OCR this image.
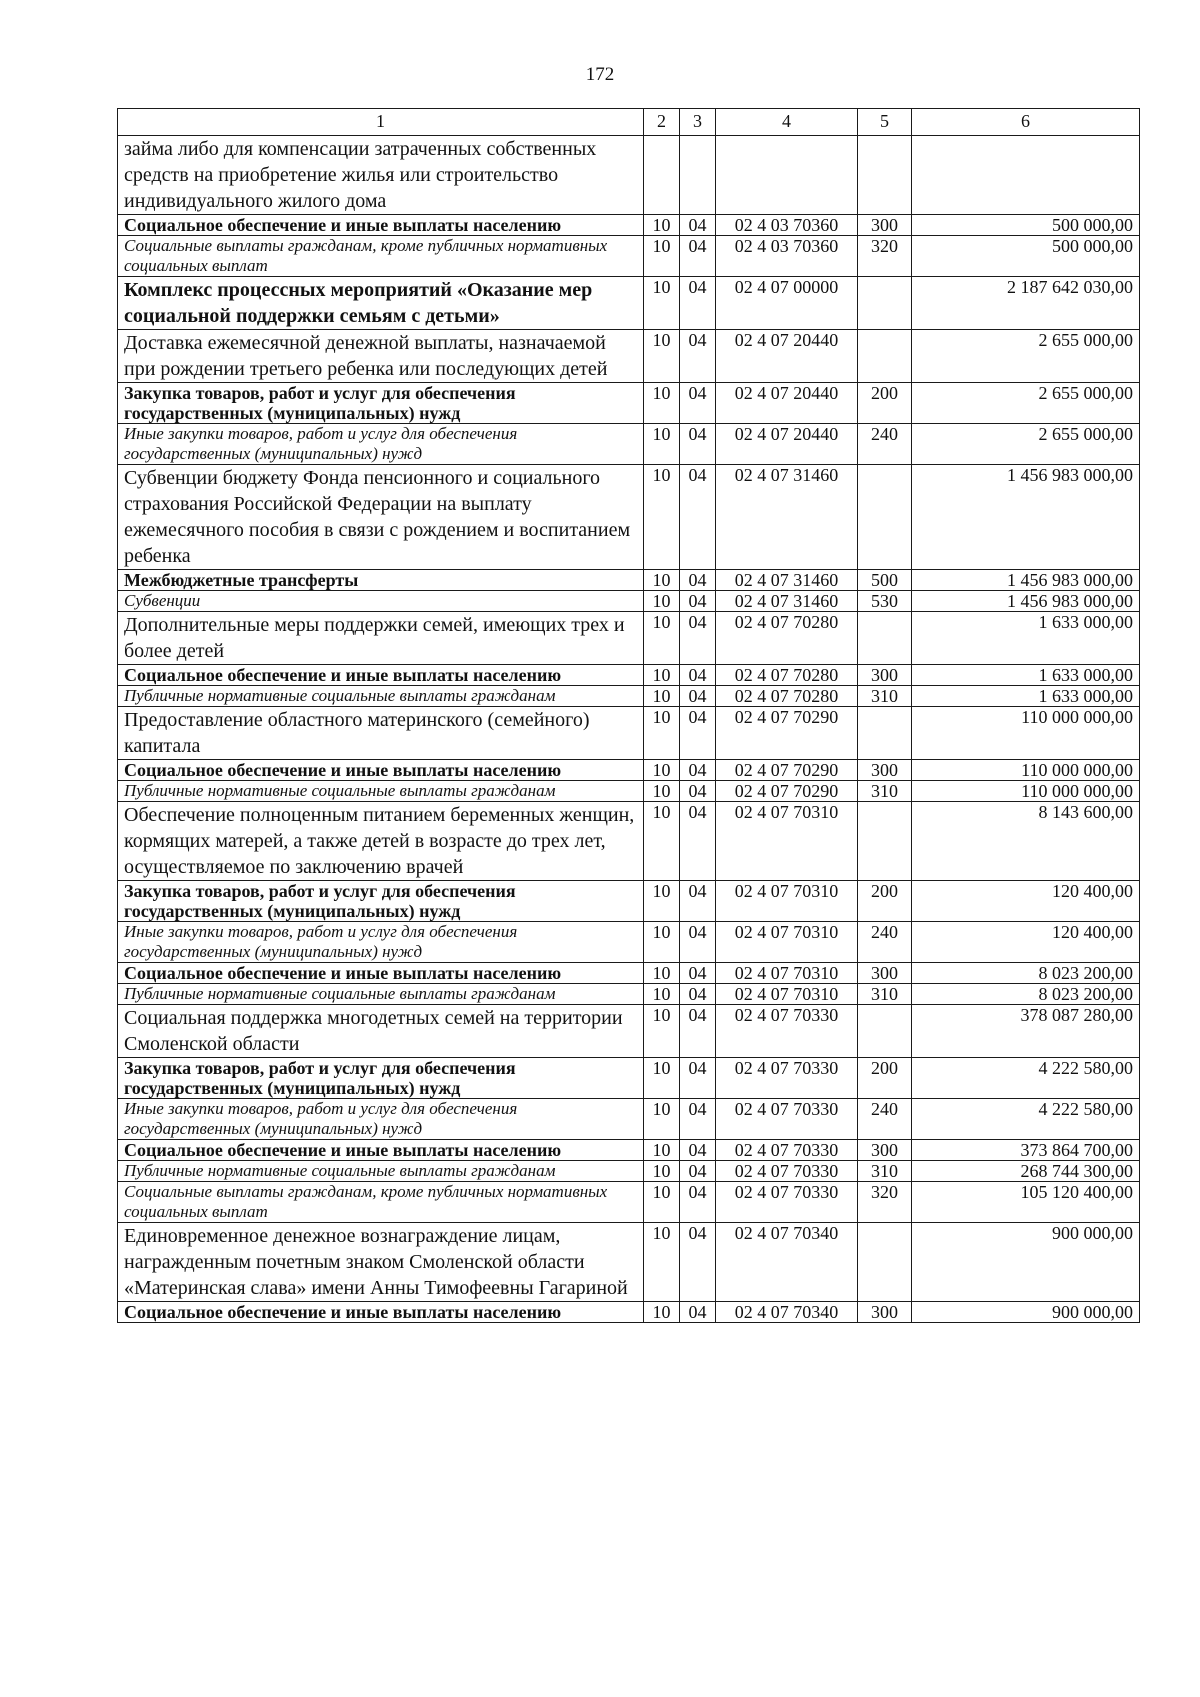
172
1	2	3	4	5	6
займа либо для компенсации затраченных собственных средств на приобретение жилья или строительство индивидуального жилого дома					
Социальное обеспечение и иные выплаты населению	10	04	02 4 03 70360	300	500 000,00
Социальные выплаты гражданам, кроме публичных нормативных социальных выплат	10	04	02 4 03 70360	320	500 000,00
Комплекс процессных мероприятий «Оказание мер социальной поддержки семьям с детьми»	10	04	02 4 07 00000		2 187 642 030,00
Доставка ежемесячной денежной выплаты, назначаемой при рождении третьего ребенка или последующих детей	10	04	02 4 07 20440		2 655 000,00
Закупка товаров, работ и услуг для обеспечения государственных (муниципальных) нужд	10	04	02 4 07 20440	200	2 655 000,00
Иные закупки товаров, работ и услуг для обеспечения государственных (муниципальных) нужд	10	04	02 4 07 20440	240	2 655 000,00
Субвенции бюджету Фонда пенсионного и социального страхования Российской Федерации на выплату ежемесячного пособия в связи с рождением и воспитанием ребенка	10	04	02 4 07 31460		1 456 983 000,00
Межбюджетные трансферты	10	04	02 4 07 31460	500	1 456 983 000,00
Субвенции	10	04	02 4 07 31460	530	1 456 983 000,00
Дополнительные меры поддержки семей, имеющих трех и более детей	10	04	02 4 07 70280		1 633 000,00
Социальное обеспечение и иные выплаты населению	10	04	02 4 07 70280	300	1 633 000,00
Публичные нормативные социальные выплаты гражданам	10	04	02 4 07 70280	310	1 633 000,00
Предоставление областного материнского (семейного) капитала	10	04	02 4 07 70290		110 000 000,00
Социальное обеспечение и иные выплаты населению	10	04	02 4 07 70290	300	110 000 000,00
Публичные нормативные социальные выплаты гражданам	10	04	02 4 07 70290	310	110 000 000,00
Обеспечение полноценным питанием беременных женщин, кормящих матерей, а также детей в возрасте до трех лет, осуществляемое по заключению врачей	10	04	02 4 07 70310		8 143 600,00
Закупка товаров, работ и услуг для обеспечения государственных (муниципальных) нужд	10	04	02 4 07 70310	200	120 400,00
Иные закупки товаров, работ и услуг для обеспечения государственных (муниципальных) нужд	10	04	02 4 07 70310	240	120 400,00
Социальное обеспечение и иные выплаты населению	10	04	02 4 07 70310	300	8 023 200,00
Публичные нормативные социальные выплаты гражданам	10	04	02 4 07 70310	310	8 023 200,00
Социальная поддержка многодетных семей на территории Смоленской области	10	04	02 4 07 70330		378 087 280,00
Закупка товаров, работ и услуг для обеспечения государственных (муниципальных) нужд	10	04	02 4 07 70330	200	4 222 580,00
Иные закупки товаров, работ и услуг для обеспечения государственных (муниципальных) нужд	10	04	02 4 07 70330	240	4 222 580,00
Социальное обеспечение и иные выплаты населению	10	04	02 4 07 70330	300	373 864 700,00
Публичные нормативные социальные выплаты гражданам	10	04	02 4 07 70330	310	268 744 300,00
Социальные выплаты гражданам, кроме публичных нормативных социальных выплат	10	04	02 4 07 70330	320	105 120 400,00
Единовременное денежное вознаграждение лицам, награжденным почетным знаком Смоленской области «Материнская слава» имени Анны Тимофеевны Гагариной	10	04	02 4 07 70340		900 000,00
Социальное обеспечение и иные выплаты населению	10	04	02 4 07 70340	300	900 000,00
